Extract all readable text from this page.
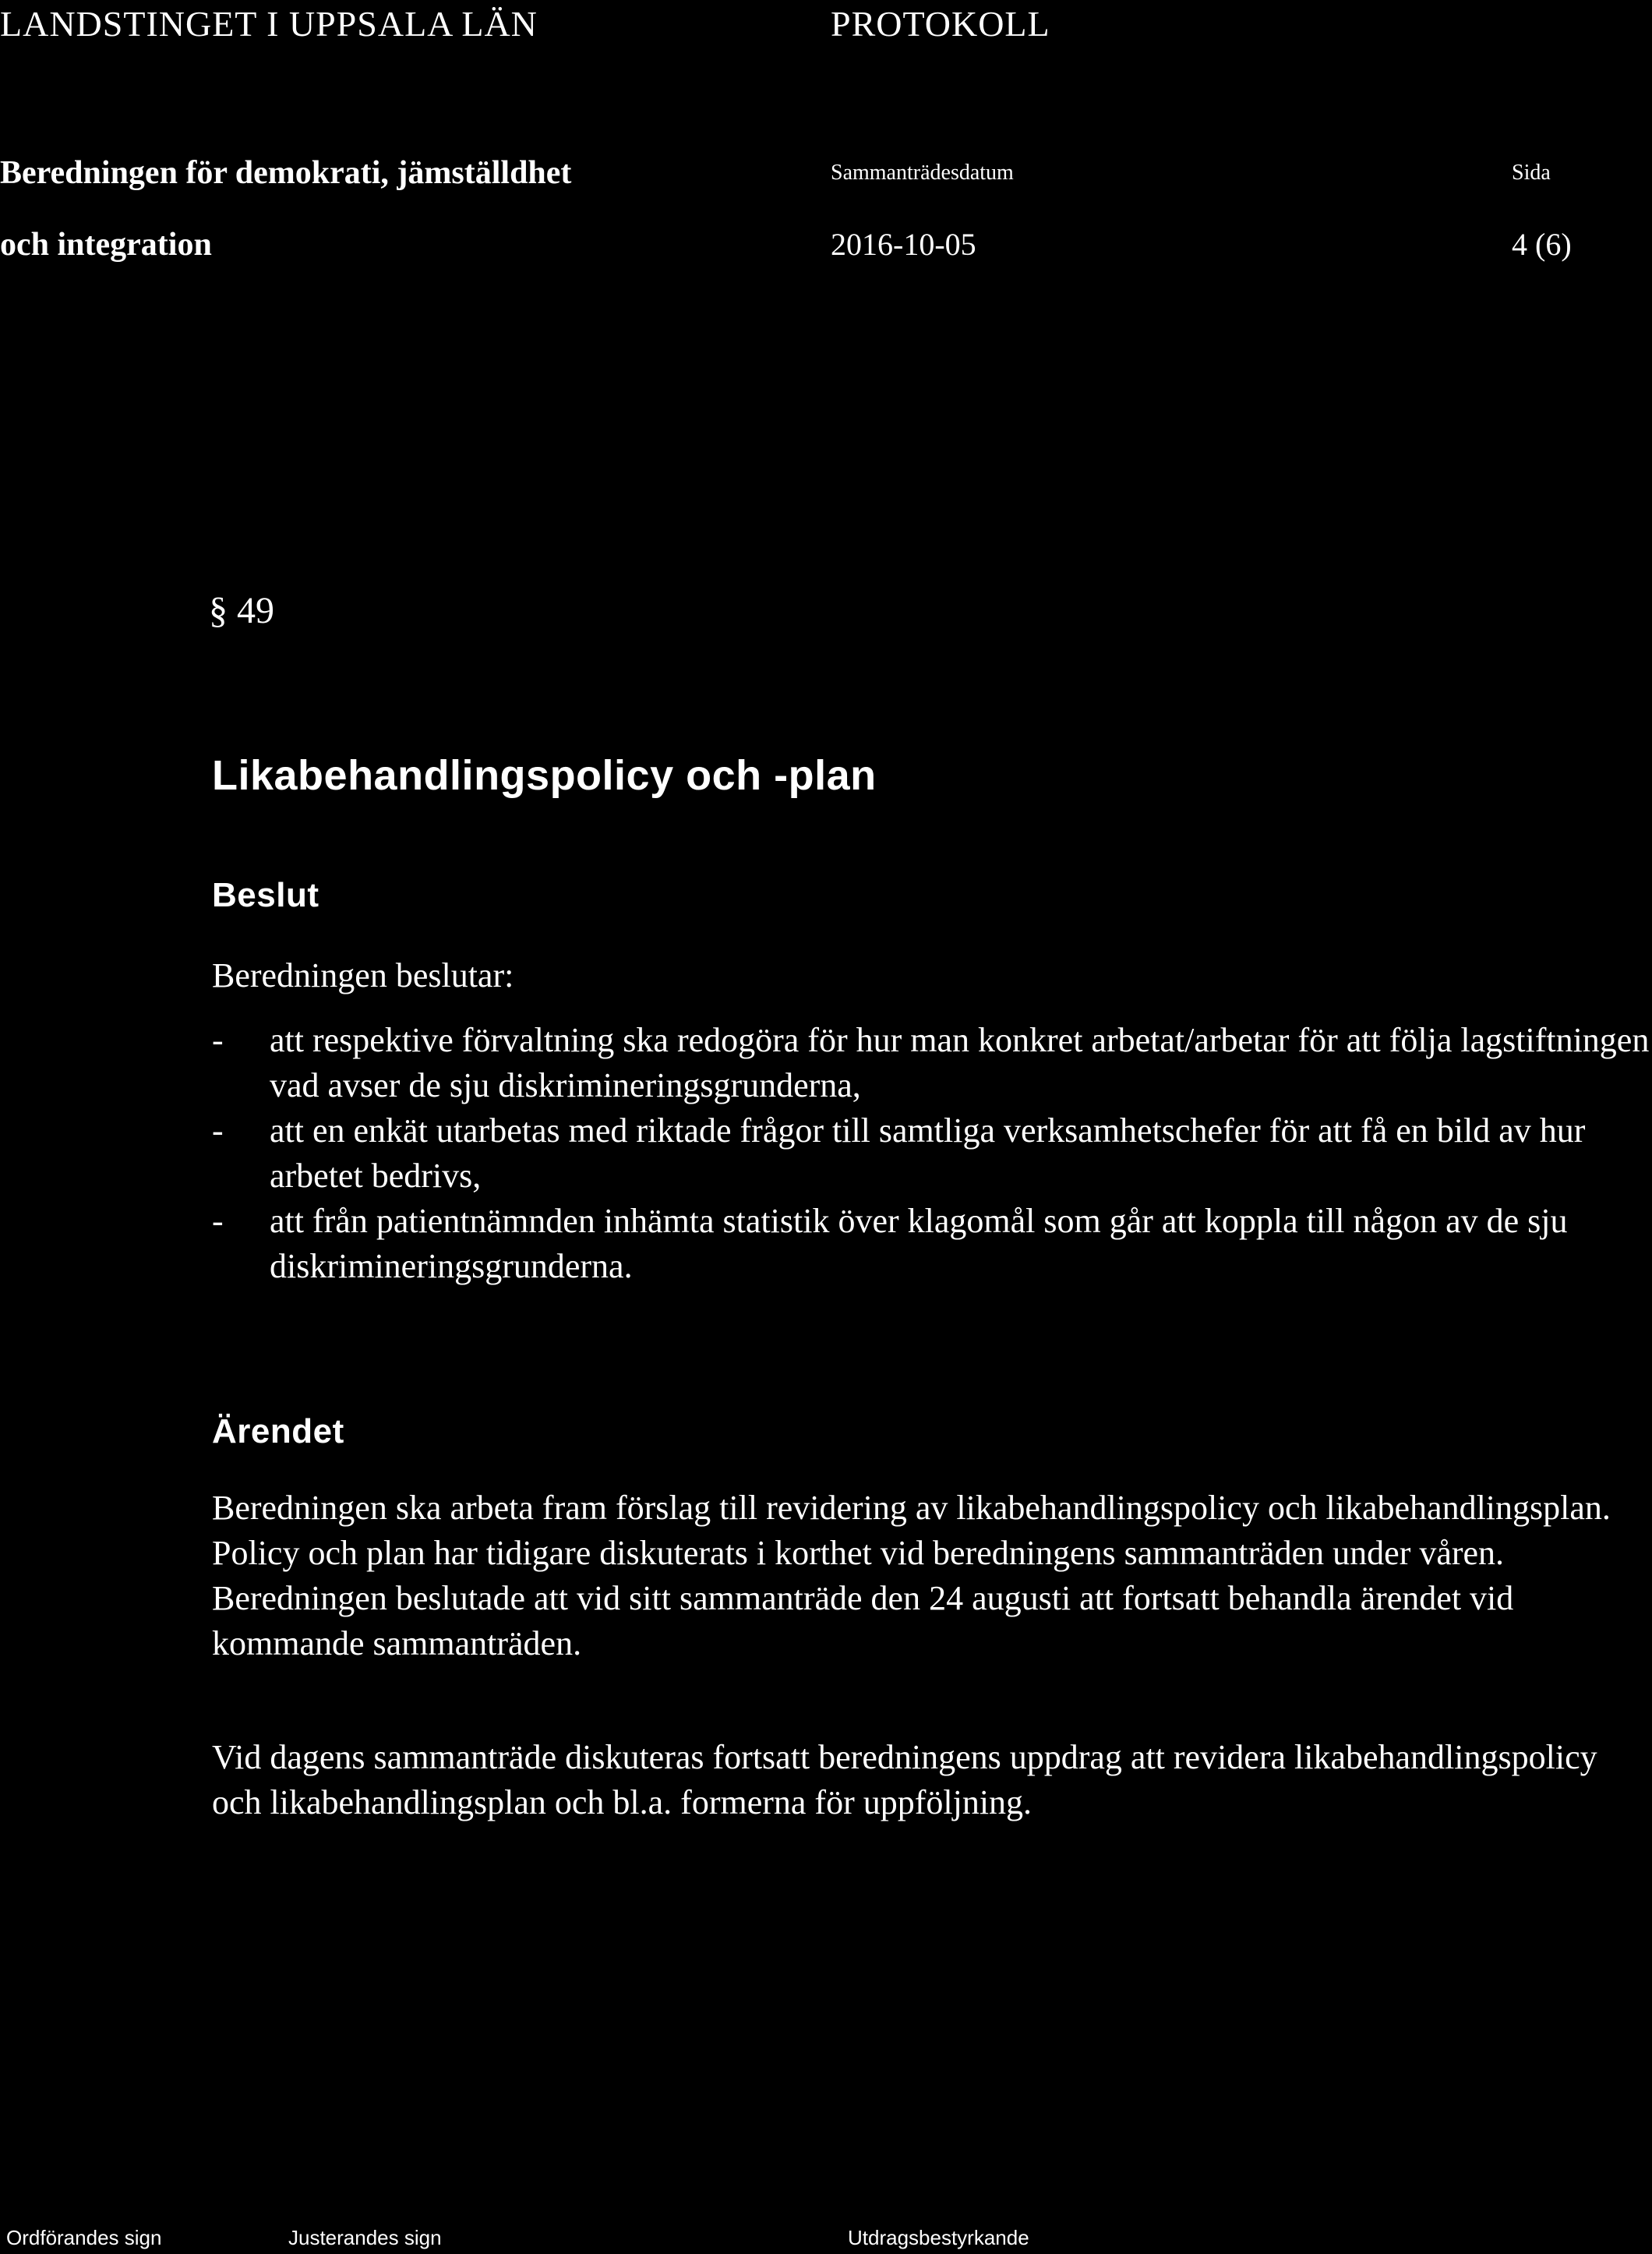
LANDSTINGET I UPPSALA LÄN	PROTOKOLL
Beredningen för demokrati, jämställdhet
och integration
Sammanträdesdatum	Sida
2016-10-05	4 (6)
§ 49
Likabehandlingspolicy och -plan
Beslut
Beredningen beslutar:
- att respektive förvaltning ska redogöra för hur man konkret arbetat/arbetar för att följa lagstiftningen vad avser de sju diskrimineringsgrunderna,
- att en enkät utarbetas med riktade frågor till samtliga verksamhetschefer för att få en bild av hur arbetet bedrivs,
- att från patientnämnden inhämta statistik över klagomål som går att koppla till någon av de sju diskrimineringsgrunderna.
Ärendet

Beredningen ska arbeta fram förslag till revidering av likabehandlingspolicy och likabehandlingsplan. Policy och plan har tidigare diskuterats i korthet vid beredningens sammanträden under våren. Beredningen beslutade att vid sitt sammanträde den 24 augusti att fortsatt behandla ärendet vid kommande sammanträden.

Vid dagens sammanträde diskuteras fortsatt beredningens uppdrag att revidera likabehandlingspolicy och likabehandlingsplan och bl.a. formerna för uppföljning.

Ordförandes sign	Justerandes sign	Utdragsbestyrkande
